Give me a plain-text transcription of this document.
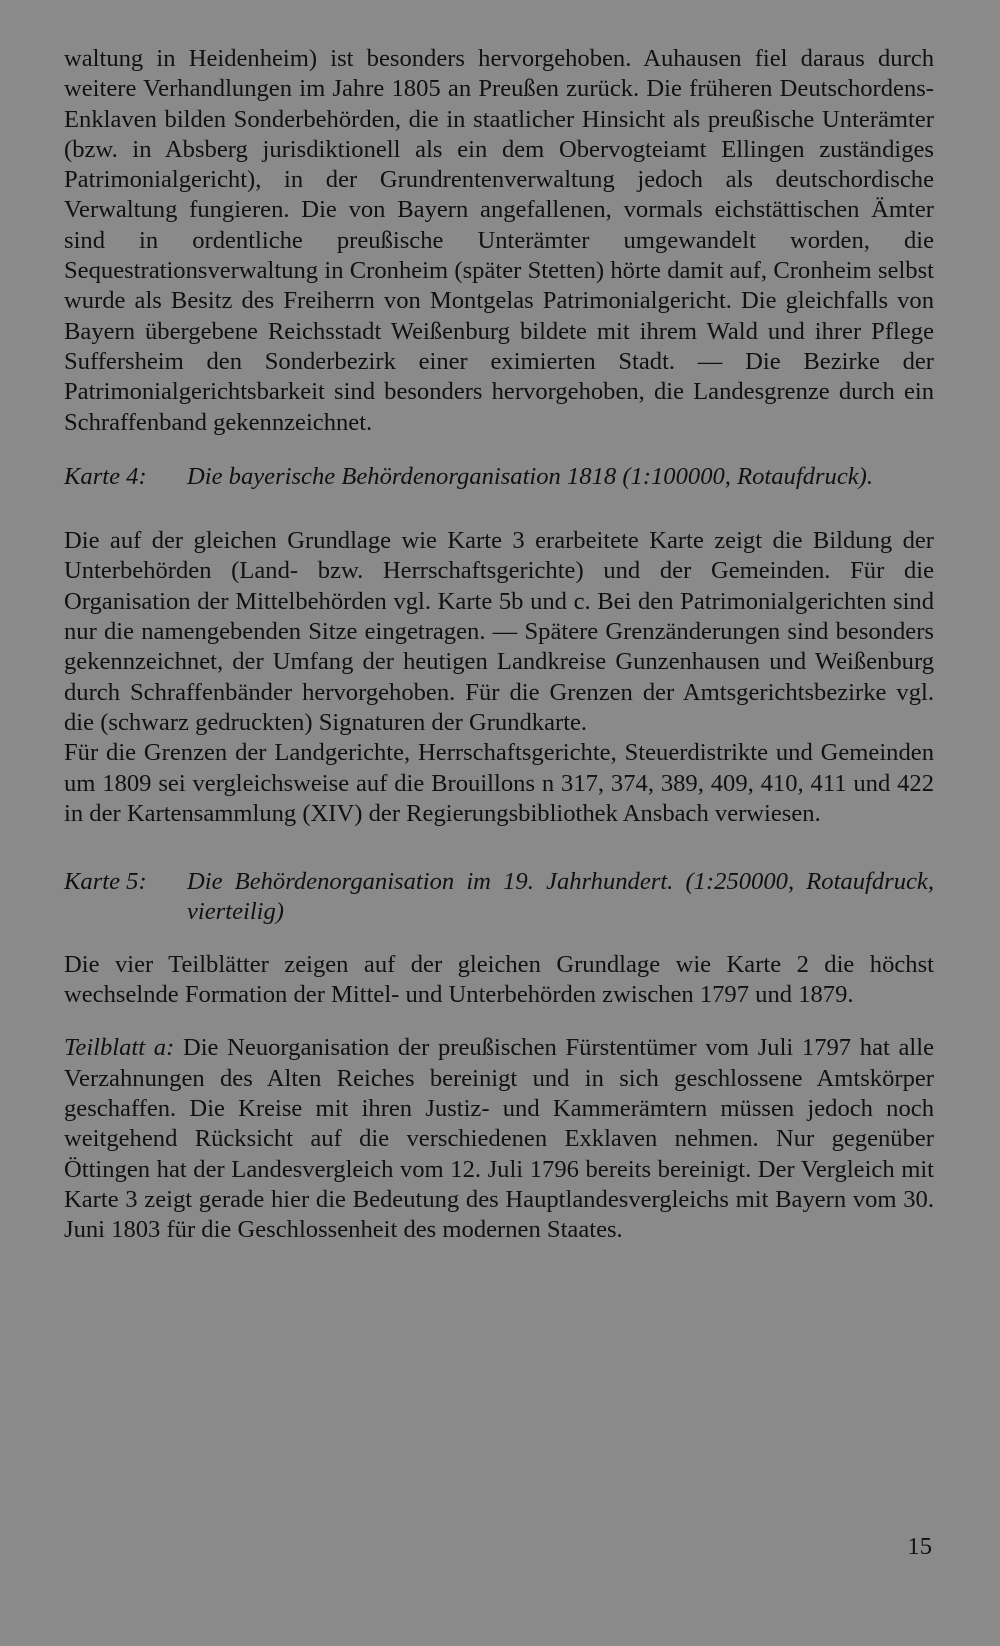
waltung in Heidenheim) ist besonders hervorgehoben. Auhausen fiel daraus durch weitere Verhandlungen im Jahre 1805 an Preußen zurück. Die früheren Deutschordens-Enklaven bilden Sonderbehörden, die in staatlicher Hinsicht als preußische Unterämter (bzw. in Absberg jurisdiktionell als ein dem Obervogteiamt Ellingen zuständiges Patrimonialgericht), in der Grundrentenverwaltung jedoch als deutschordische Verwaltung fungieren. Die von Bayern angefallenen, vormals eichstättischen Ämter sind in ordentliche preußische Unterämter umgewandelt worden, die Sequestrationsverwaltung in Cronheim (später Stetten) hörte damit auf, Cronheim selbst wurde als Besitz des Freiherrn von Montgelas Patrimonialgericht. Die gleichfalls von Bayern übergebene Reichsstadt Weißenburg bildete mit ihrem Wald und ihrer Pflege Suffersheim den Sonderbezirk einer eximierten Stadt. — Die Bezirke der Patrimonialgerichtsbarkeit sind besonders hervorgehoben, die Landesgrenze durch ein Schraffenband gekennzeichnet.

Karte 4: Die bayerische Behördenorganisation 1818 (1:100000, Rotaufdruck).

Die auf der gleichen Grundlage wie Karte 3 erarbeitete Karte zeigt die Bildung der Unterbehörden (Land- bzw. Herrschaftsgerichte) und der Gemeinden. Für die Organisation der Mittelbehörden vgl. Karte 5b und c. Bei den Patrimonialgerichten sind nur die namengebenden Sitze eingetragen. — Spätere Grenzänderungen sind besonders gekennzeichnet, der Umfang der heutigen Landkreise Gunzenhausen und Weißenburg durch Schraffenbänder hervorgehoben. Für die Grenzen der Amtsgerichtsbezirke vgl. die (schwarz gedruckten) Signaturen der Grundkarte.

Für die Grenzen der Landgerichte, Herrschaftsgerichte, Steuerdistrikte und Gemeinden um 1809 sei vergleichsweise auf die Brouillons n 317, 374, 389, 409, 410, 411 und 422 in der Kartensammlung (XIV) der Regierungsbibliothek Ansbach verwiesen.

Karte 5: Die Behördenorganisation im 19. Jahrhundert. (1:250000, Rotaufdruck, vierteilig)

Die vier Teilblätter zeigen auf der gleichen Grundlage wie Karte 2 die höchst wechselnde Formation der Mittel- und Unterbehörden zwischen 1797 und 1879.

Teilblatt a: Die Neuorganisation der preußischen Fürstentümer vom Juli 1797 hat alle Verzahnungen des Alten Reiches bereinigt und in sich geschlossene Amtskörper geschaffen. Die Kreise mit ihren Justiz- und Kammerämtern müssen jedoch noch weitgehend Rücksicht auf die verschiedenen Exklaven nehmen. Nur gegenüber Öttingen hat der Landesvergleich vom 12. Juli 1796 bereits bereinigt. Der Vergleich mit Karte 3 zeigt gerade hier die Bedeutung des Hauptlandesvergleichs mit Bayern vom 30. Juni 1803 für die Geschlossenheit des modernen Staates.

15
